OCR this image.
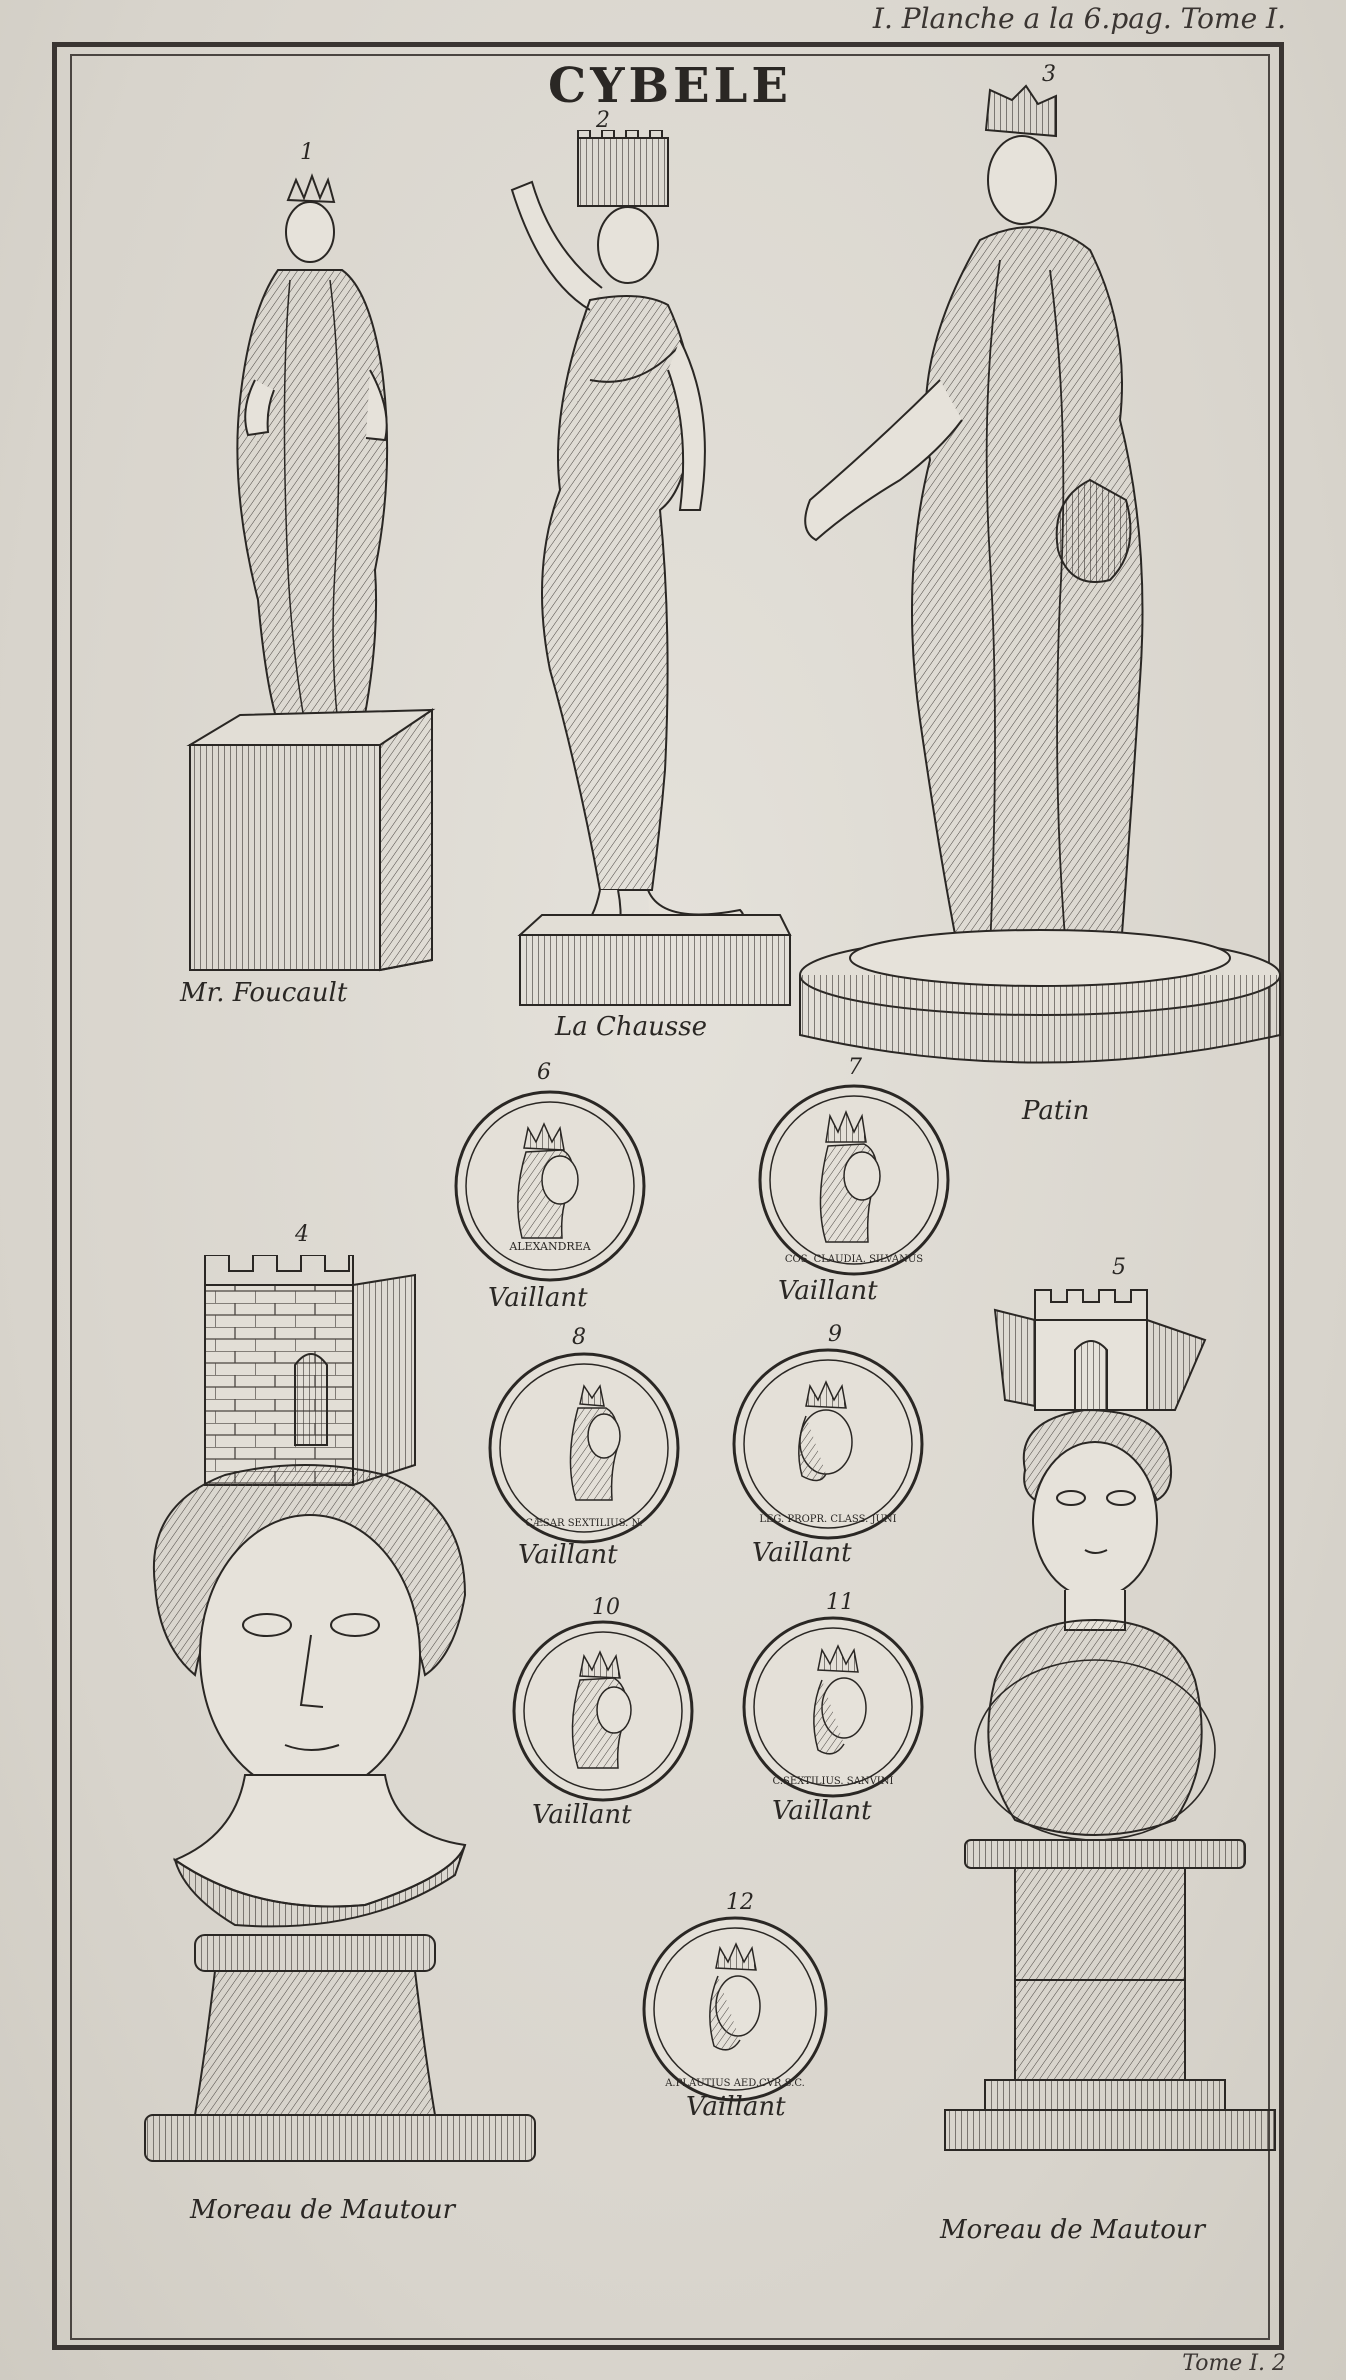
I. Planche a la 6.pag. Tome I.
CYBELE
1
Mr. Foucault
2
La Chausse
3
Patin
4
Moreau de Mautour
5
Moreau de Mautour
6
ALEXANDREA
Vaillant
7
COS. CLAUDIA. SILVANUS
Vaillant
8
CÆSAR SEXTILIUS. N.
Vaillant
9
LEG. PROPR. CLASS. JUNI
Vaillant
10
Vaillant
11
C.SEXTILIUS. SANVINI
Vaillant
12
A.PLAUTIUS AED.CVR.S.C.
Vaillant
Tome I. 2
